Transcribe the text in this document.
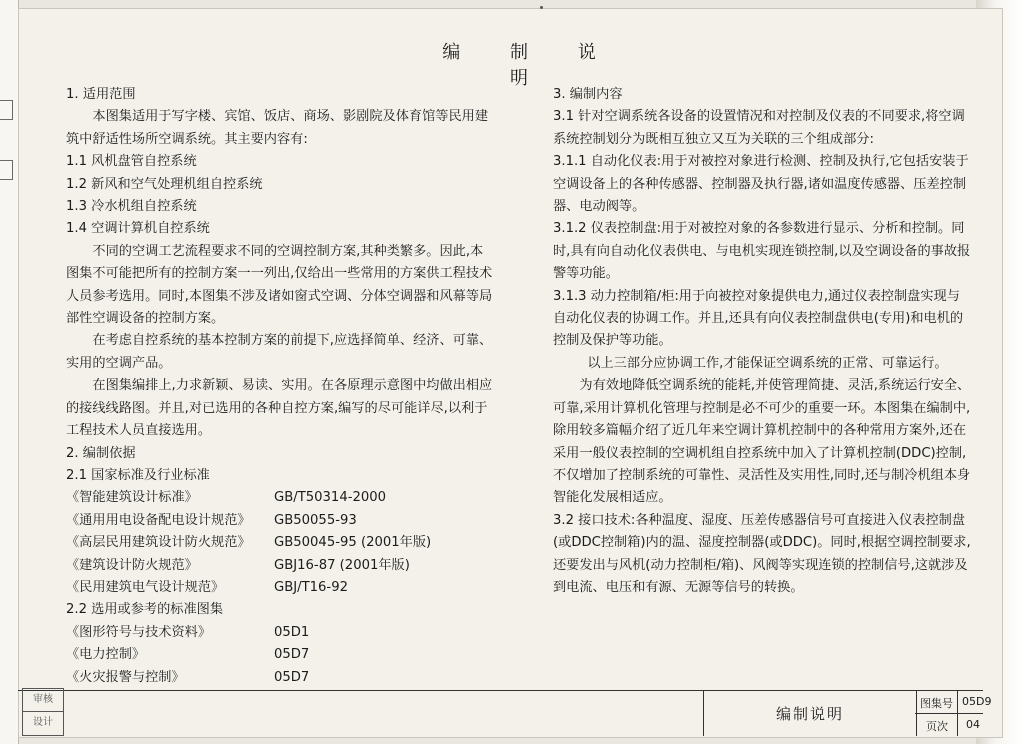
编 制 说 明

1. 适用范围

本图集适用于写字楼、宾馆、饭店、商场、影剧院及体育馆等民用建筑中舒适性场所空调系统。其主要内容有:

1.1 风机盘管自控系统

1.2 新风和空气处理机组自控系统

1.3 冷水机组自控系统

1.4 空调计算机自控系统

不同的空调工艺流程要求不同的空调控制方案,其种类繁多。因此,本图集不可能把所有的控制方案一一列出,仅给出一些常用的方案供工程技术人员参考选用。同时,本图集不涉及诸如窗式空调、分体空调器和风幕等局部性空调设备的控制方案。

在考虑自控系统的基本控制方案的前提下,应选择简单、经济、可靠、实用的空调产品。

在图集编排上,力求新颖、易读、实用。在各原理示意图中均做出相应的接线线路图。并且,对已选用的各种自控方案,编写的尽可能详尽,以利于工程技术人员直接选用。

2. 编制依据

2.1 国家标准及行业标准

《智能建筑设计标准》	GB/T50314-2000
《通用用电设备配电设计规范》	GB50055-93
《高层民用建筑设计防火规范》	GB50045-95 (2001年版)
《建筑设计防火规范》	GBJ16-87 (2001年版)
《民用建筑电气设计规范》	GBJ/T16-92

2.2 选用或参考的标准图集

《图形符号与技术资料》	05D1
《电力控制》	05D7
《火灾报警与控制》	05D7

3. 编制内容

3.1 针对空调系统各设备的设置情况和对控制及仪表的不同要求,将空调系统控制划分为既相互独立又互为关联的三个组成部分:

3.1.1 自动化仪表:用于对被控对象进行检测、控制及执行,它包括安装于空调设备上的各种传感器、控制器及执行器,诸如温度传感器、压差控制器、电动阀等。

3.1.2 仪表控制盘:用于对被控对象的各参数进行显示、分析和控制。同时,具有向自动化仪表供电、与电机实现连锁控制,以及空调设备的事故报警等功能。

3.1.3 动力控制箱/柜:用于向被控对象提供电力,通过仪表控制盘实现与自动化仪表的协调工作。并且,还具有向仪表控制盘供电(专用)和电机的控制及保护等功能。

以上三部分应协调工作,才能保证空调系统的正常、可靠运行。

为有效地降低空调系统的能耗,并使管理简捷、灵活,系统运行安全、可靠,采用计算机化管理与控制是必不可少的重要一环。本图集在编制中,除用较多篇幅介绍了近几年来空调计算机控制中的各种常用方案外,还在采用一般仪表控制的空调机组自控系统中加入了计算机控制(DDC)控制,不仅增加了控制系统的可靠性、灵活性及实用性,同时,还与制冷机组本身智能化发展相适应。

3.2 接口技术:各种温度、湿度、压差传感器信号可直接进入仪表控制盘(或DDC控制箱)内的温、湿度控制器(或DDC)。同时,根据空调控制要求,还要发出与风机(动力控制柜/箱)、风阀等实现连锁的控制信号,这就涉及到电流、电压和有源、无源等信号的转换。

审核
设计	编制说明
图集号 05D9
页次 04
